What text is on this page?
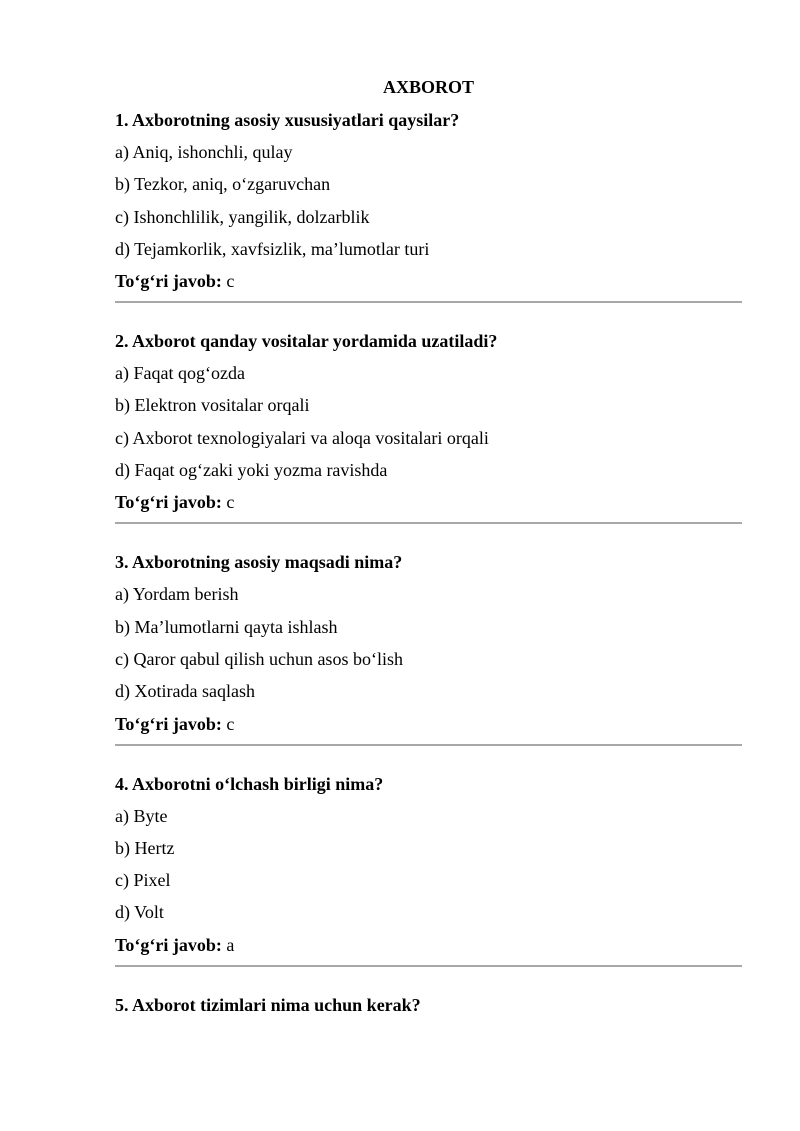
AXBOROT
1. Axborotning asosiy xususiyatlari qaysilar?
a) Aniq, ishonchli, qulay
b) Tezkor, aniq, o‘zgaruvchan
c) Ishonchlilik, yangilik, dolzarblik
d) Tejamkorlik, xavfsizlik, ma’lumotlar turi
To‘g‘ri javob: c
2. Axborot qanday vositalar yordamida uzatiladi?
a) Faqat qog‘ozda
b) Elektron vositalar orqali
c) Axborot texnologiyalari va aloqa vositalari orqali
d) Faqat og‘zaki yoki yozma ravishda
To‘g‘ri javob: c
3. Axborotning asosiy maqsadi nima?
a) Yordam berish
b) Ma’lumotlarni qayta ishlash
c) Qaror qabul qilish uchun asos bo‘lish
d) Xotirada saqlash
To‘g‘ri javob: c
4. Axborotni o‘lchash birligi nima?
a) Byte
b) Hertz
c) Pixel
d) Volt
To‘g‘ri javob: a
5. Axborot tizimlari nima uchun kerak?
